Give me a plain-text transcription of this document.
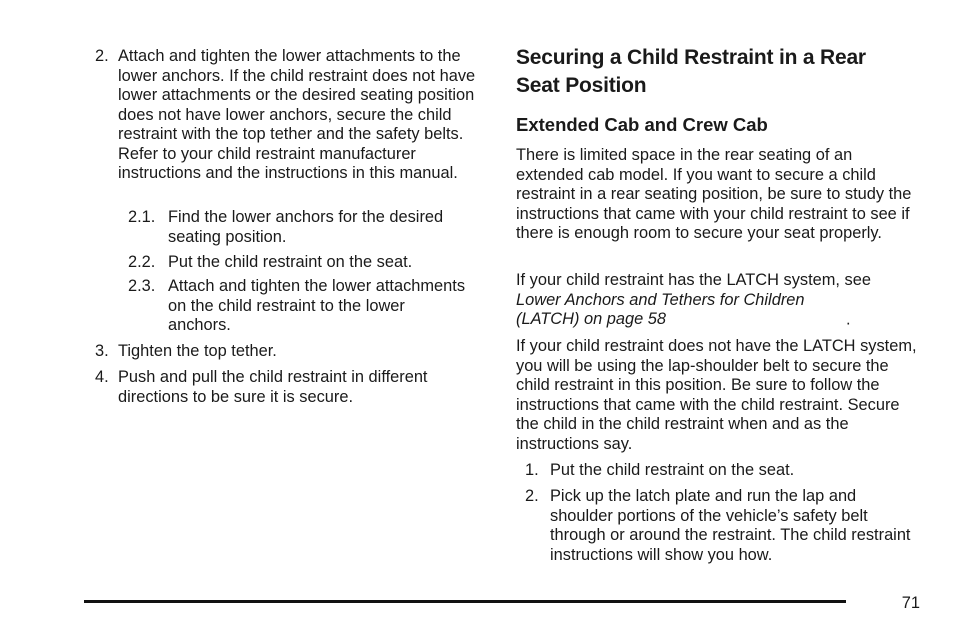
2. Attach and tighten the lower attachments to the lower anchors. If the child restraint does not have lower attachments or the desired seating position does not have lower anchors, secure the child restraint with the top tether and the safety belts. Refer to your child restraint manufacturer instructions and the instructions in this manual.
2.1. Find the lower anchors for the desired seating position.
2.2. Put the child restraint on the seat.
2.3. Attach and tighten the lower attachments on the child restraint to the lower anchors.
3. Tighten the top tether.
4. Push and pull the child restraint in different directions to be sure it is secure.
Securing a Child Restraint in a Rear Seat Position
Extended Cab and Crew Cab

There is limited space in the rear seating of an extended cab model. If you want to secure a child restraint in a rear seating position, be sure to study the instructions that came with your child restraint to see if there is enough room to secure your seat properly.

If your child restraint has the LATCH system, see
Lower Anchors and Tethers for Children (LATCH) on page 58	.

If your child restraint does not have the LATCH system, you will be using the lap-shoulder belt to secure the child restraint in this position. Be sure to follow the instructions that came with the child restraint. Secure the child in the child restraint when and as the instructions say.

1. Put the child restraint on the seat.
2. Pick up the latch plate and run the lap and shoulder portions of the vehicle’s safety belt through or around the restraint. The child restraint instructions will show you how.
71
